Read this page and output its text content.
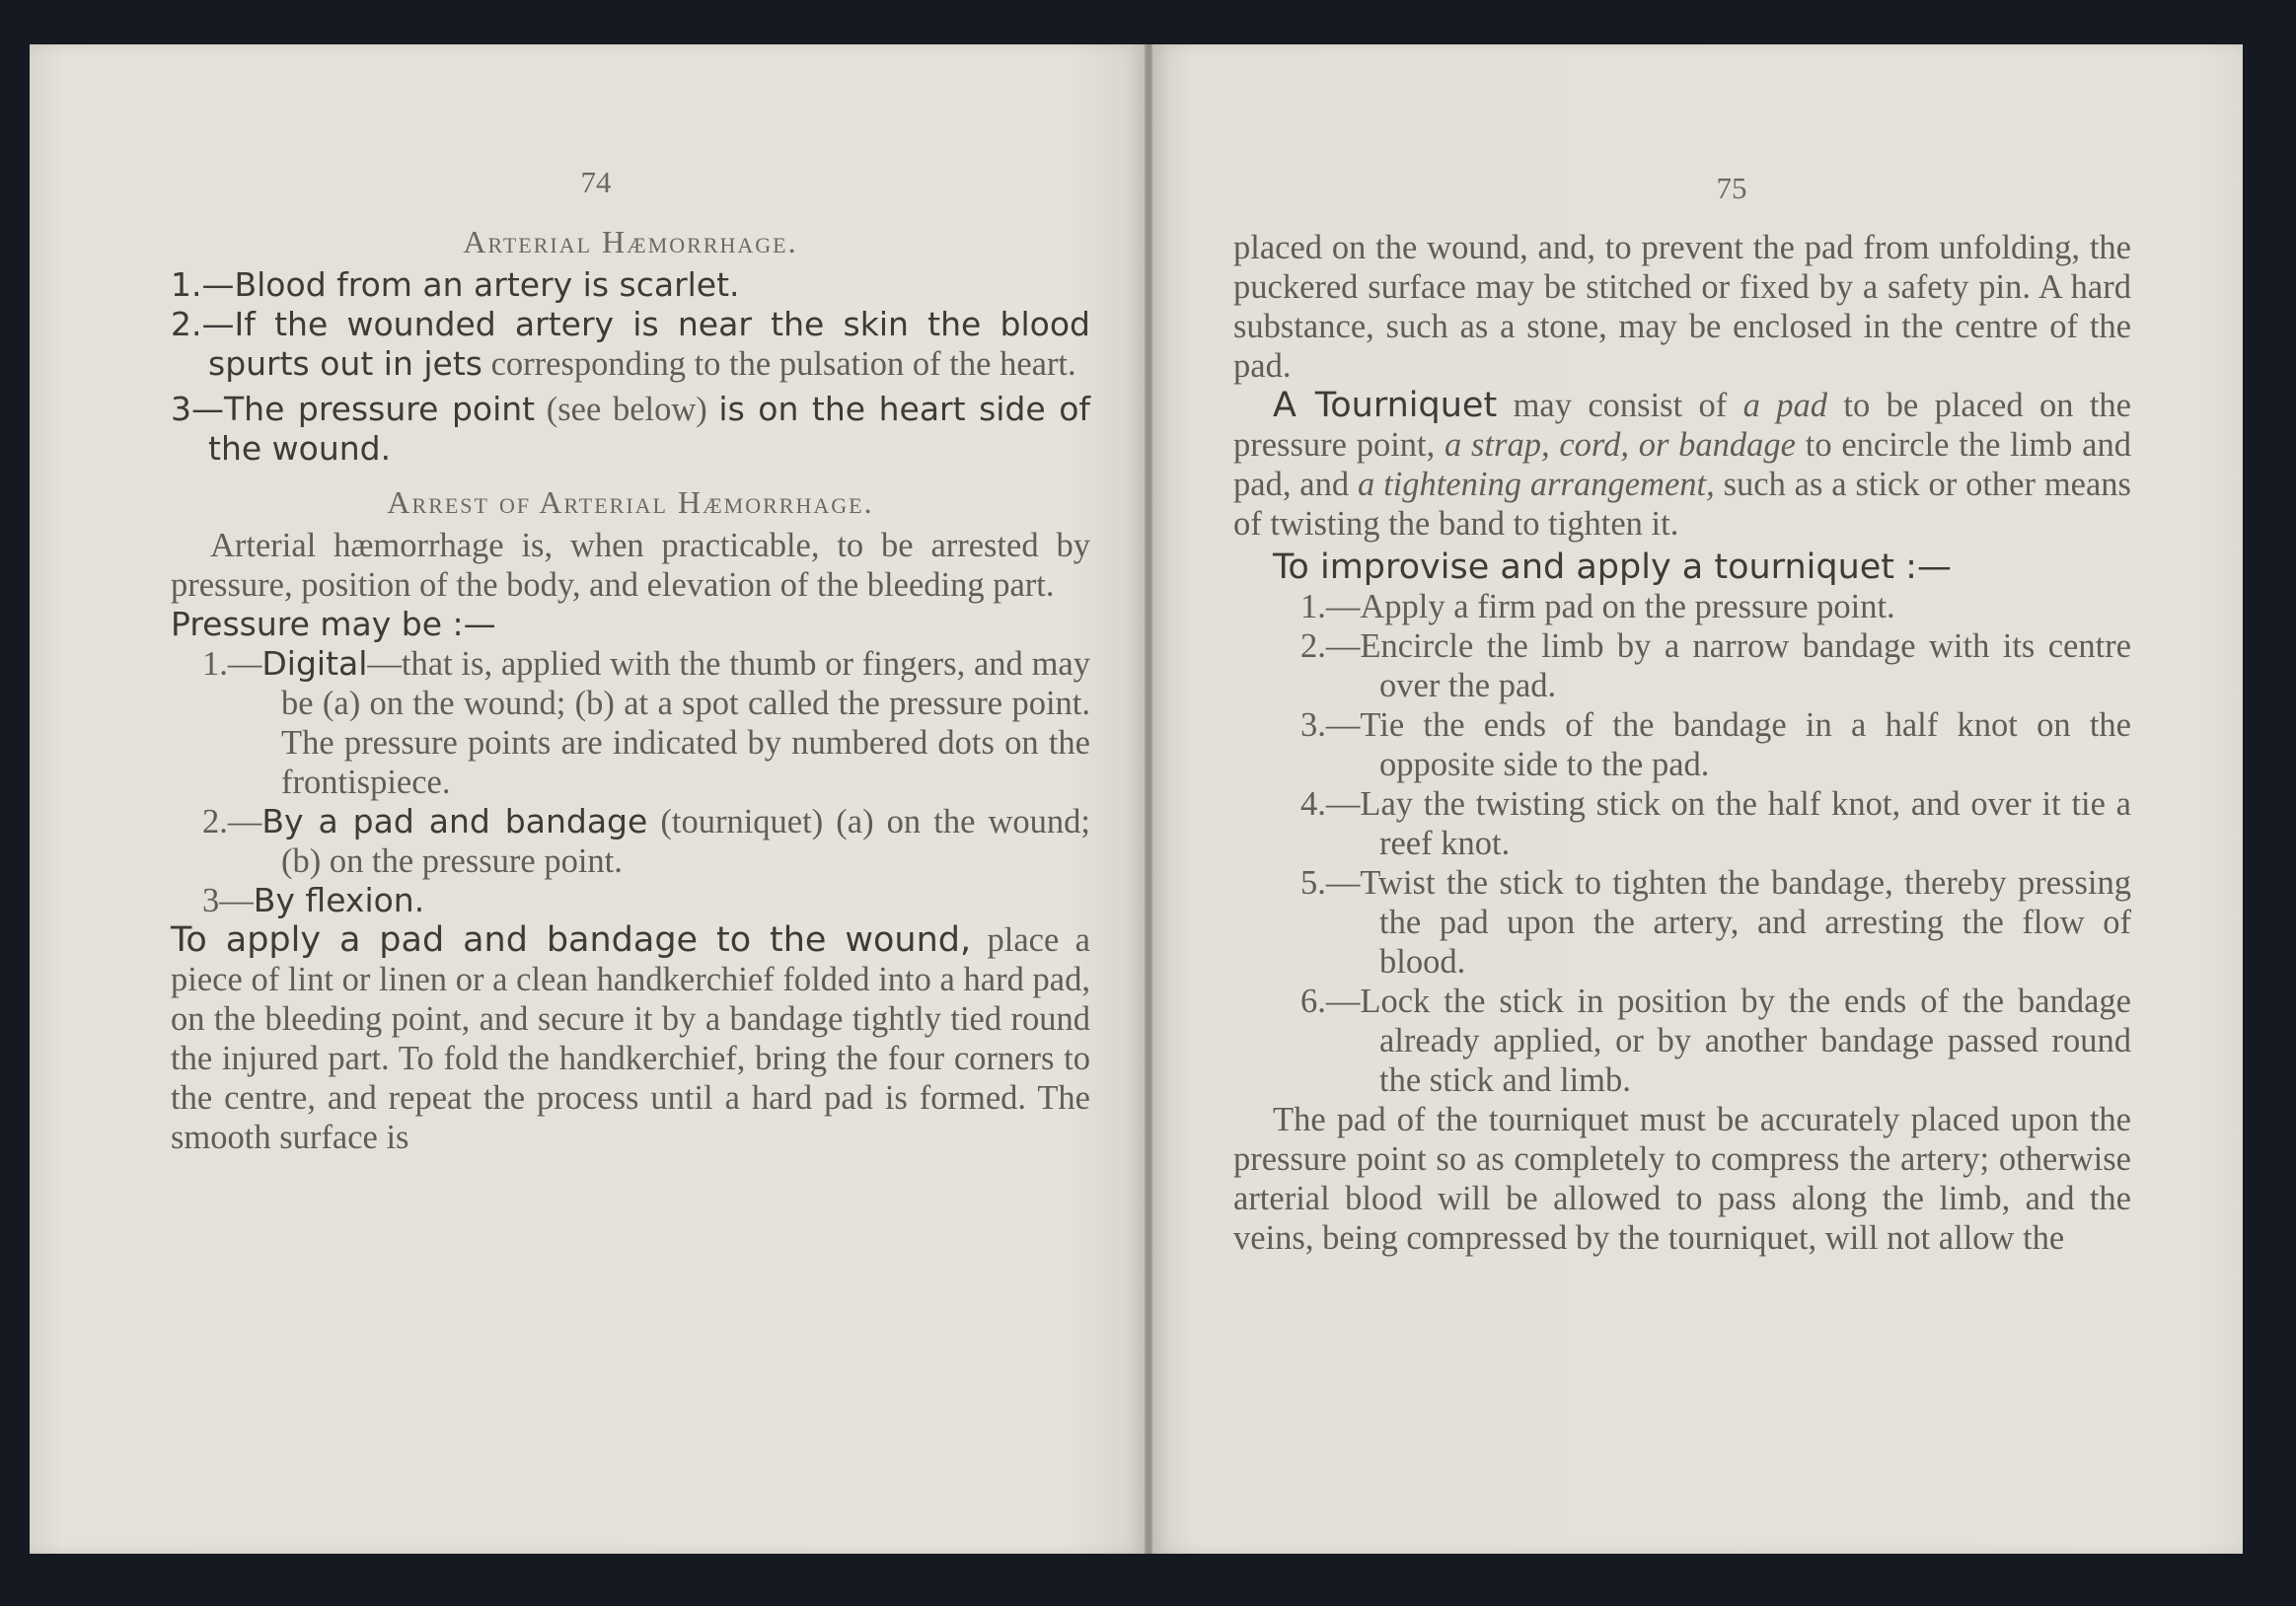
74
Arterial Hæmorrhage.

1.—Blood from an artery is scarlet.

2.—If the wounded artery is near the skin the blood spurts out in jets corresponding to the pulsation of the heart.

3—The pressure point (see below) is on the heart side of the wound.

Arrest of Arterial Hæmorrhage.

Arterial hæmorrhage is, when practicable, to be arrested by pressure, position of the body, and elevation of the bleeding part.

Pressure may be :—

1.—Digital—that is, applied with the thumb or fingers, and may be (a) on the wound; (b) at a spot called the pressure point. The pressure points are indicated by numbered dots on the frontispiece.

2.—By a pad and bandage (tourniquet) (a) on the wound; (b) on the pressure point.

3—By flexion.

To apply a pad and bandage to the wound, place a piece of lint or linen or a clean handkerchief folded into a hard pad, on the bleeding point, and secure it by a bandage tightly tied round the injured part. To fold the handkerchief, bring the four corners to the centre, and repeat the process until a hard pad is formed. The smooth surface is

75

placed on the wound, and, to prevent the pad from unfolding, the puckered surface may be stitched or fixed by a safety pin. A hard substance, such as a stone, may be enclosed in the centre of the pad.

A Tourniquet may consist of a pad to be placed on the pressure point, a strap, cord, or bandage to encircle the limb and pad, and a tightening arrangement, such as a stick or other means of twisting the band to tighten it.

To improvise and apply a tourniquet :—

1.—Apply a firm pad on the pressure point.

2.—Encircle the limb by a narrow bandage with its centre over the pad.

3.—Tie the ends of the bandage in a half knot on the opposite side to the pad.

4.—Lay the twisting stick on the half knot, and over it tie a reef knot.

5.—Twist the stick to tighten the bandage, thereby pressing the pad upon the artery, and arresting the flow of blood.

6.—Lock the stick in position by the ends of the bandage already applied, or by another bandage passed round the stick and limb.

The pad of the tourniquet must be accurately placed upon the pressure point so as completely to compress the artery; otherwise arterial blood will be allowed to pass along the limb, and the veins, being compressed by the tourniquet, will not allow the
